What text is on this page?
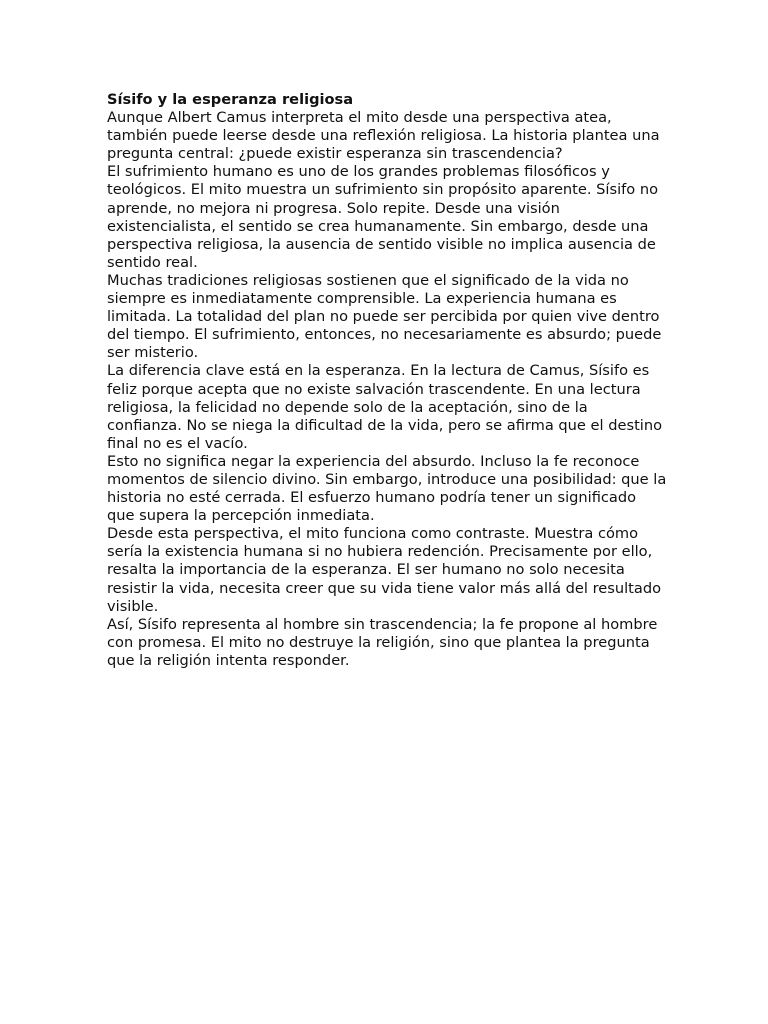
Sísifo y la esperanza religiosa

Aunque Albert Camus interpreta el mito desde una perspectiva atea, también puede leerse desde una reflexión religiosa. La historia plantea una pregunta central: ¿puede existir esperanza sin trascendencia?

El sufrimiento humano es uno de los grandes problemas filosóficos y teológicos. El mito muestra un sufrimiento sin propósito aparente. Sísifo no aprende, no mejora ni progresa. Solo repite. Desde una visión existencialista, el sentido se crea humanamente. Sin embargo, desde una perspectiva religiosa, la ausencia de sentido visible no implica ausencia de sentido real.

Muchas tradiciones religiosas sostienen que el significado de la vida no siempre es inmediatamente comprensible. La experiencia humana es limitada. La totalidad del plan no puede ser percibida por quien vive dentro del tiempo. El sufrimiento, entonces, no necesariamente es absurdo; puede ser misterio.

La diferencia clave está en la esperanza. En la lectura de Camus, Sísifo es feliz porque acepta que no existe salvación trascendente. En una lectura religiosa, la felicidad no depende solo de la aceptación, sino de la confianza. No se niega la dificultad de la vida, pero se afirma que el destino final no es el vacío.

Esto no significa negar la experiencia del absurdo. Incluso la fe reconoce momentos de silencio divino. Sin embargo, introduce una posibilidad: que la historia no esté cerrada. El esfuerzo humano podría tener un significado que supera la percepción inmediata.

Desde esta perspectiva, el mito funciona como contraste. Muestra cómo sería la existencia humana si no hubiera redención. Precisamente por ello, resalta la importancia de la esperanza. El ser humano no solo necesita resistir la vida, necesita creer que su vida tiene valor más allá del resultado visible.

Así, Sísifo representa al hombre sin trascendencia; la fe propone al hombre con promesa. El mito no destruye la religión, sino que plantea la pregunta que la religión intenta responder.
